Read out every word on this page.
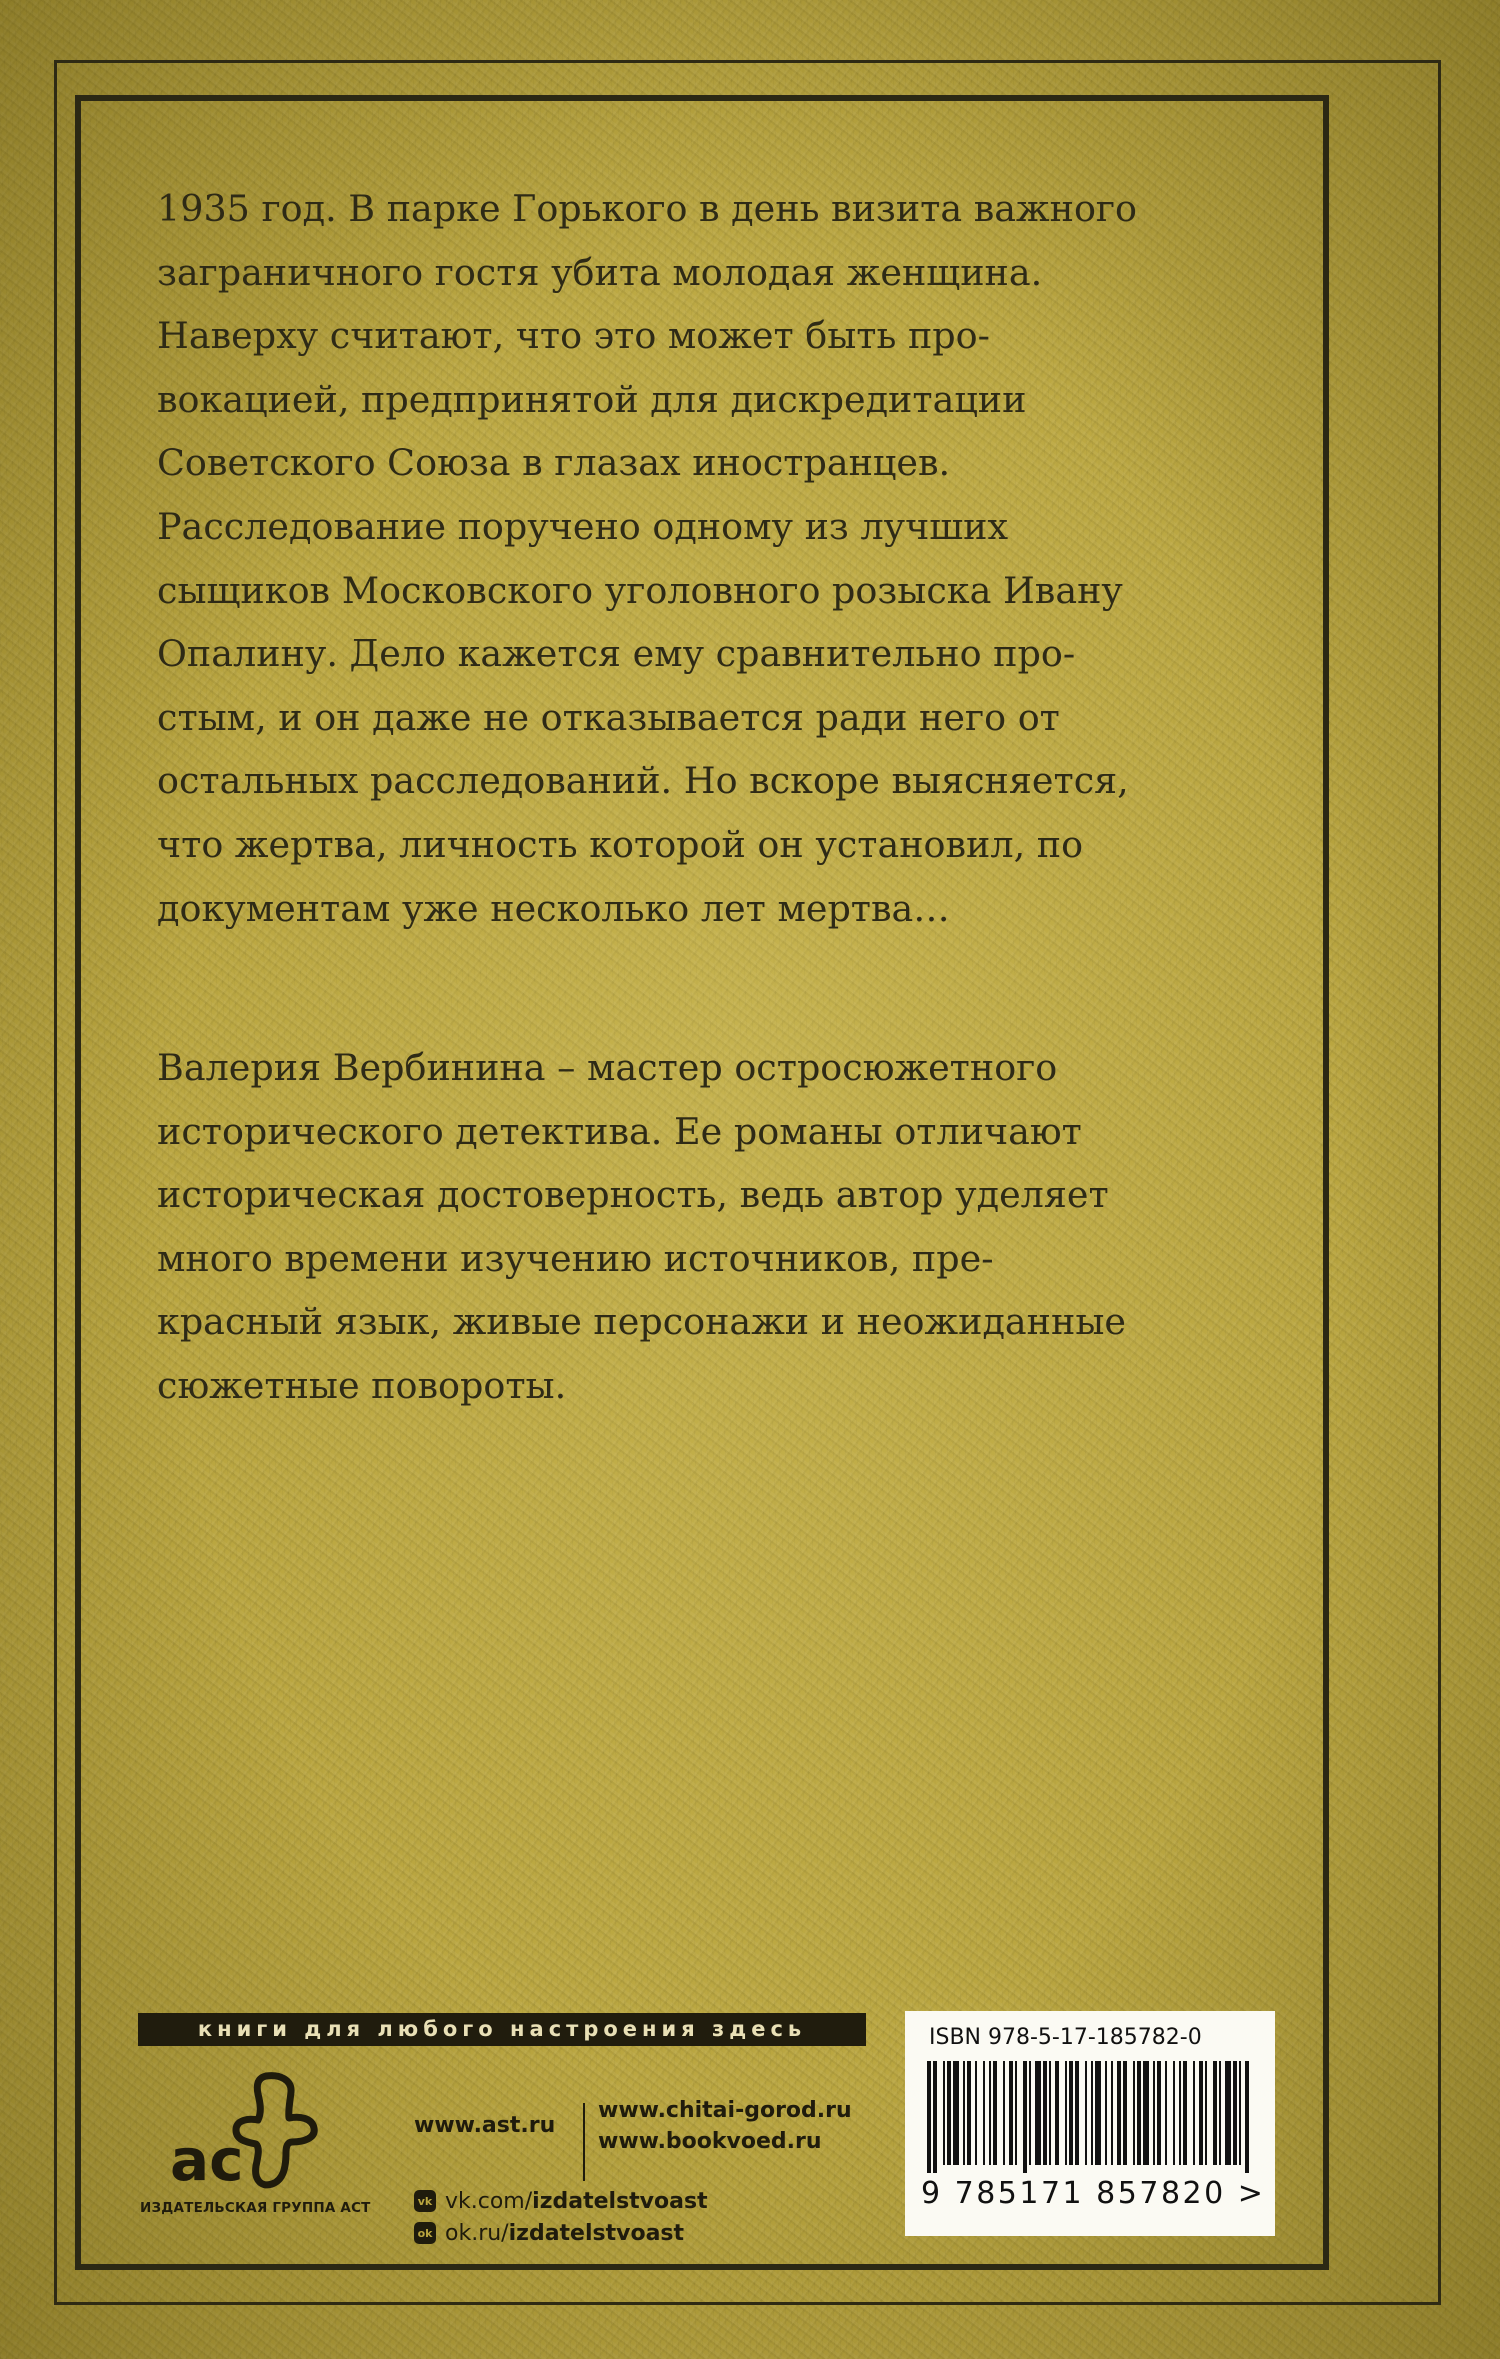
1935 год. В парке Горького в день визита важного
заграничного гостя убита молодая женщина.
Наверху считают, что это может быть про-
вокацией, предпринятой для дискредитации
Советского Союза в глазах иностранцев.
Расследование поручено одному из лучших
сыщиков Московского уголовного розыска Ивану
Опалину. Дело кажется ему сравнительно про-
стым, и он даже не отказывается ради него от
остальных расследований. Но вскоре выясняется,
что жертва, личность которой он установил, по
документам уже несколько лет мертва…
Валерия Вербинина – мастер остросюжетного
исторического детектива. Ее романы отличают
историческая достоверность, ведь автор уделяет
много времени изучению источников, пре-
красный язык, живые персонажи и неожиданные
сюжетные повороты.
книги для любого настроения здесь
ac
ИЗДАТЕЛЬСКАЯ ГРУППА АСТ
www.ast.ru
www.chitai-gorod.ru
www.bookvoed.ru
vk vk.com/izdatelstvoast
ok ok.ru/izdatelstvoast
ISBN 978-5-17-185782-0
9 785171 857820 >
